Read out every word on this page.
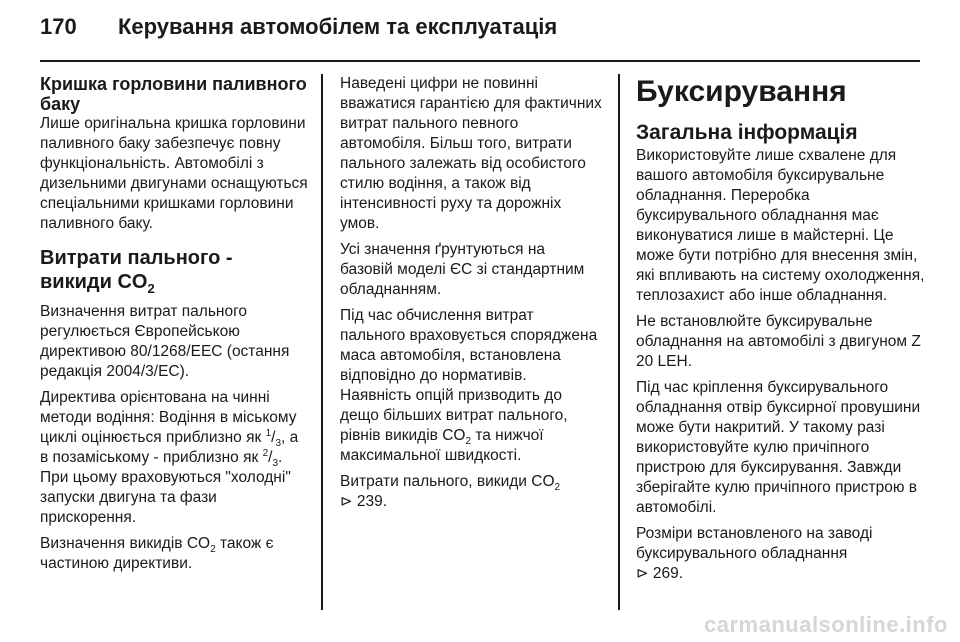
170 Керування автомобілем та експлуатація
Кришка горловини паливного
баку

Лише оригінальна кришка горловини паливного баку забезпечує повну функціональність. Автомобілі з дизельними двигунами оснащуються спеціальними кришками горловини паливного баку.

Витрати пального - викиди $CO_2$

Визначення витрат пального регулюється Європейською директивою 80/1268/EEC (остання редакція 2004/3/EC).

Директива орієнтована на чинні методи водіння: Водіння в міському циклі оцінюється приблизно як $^1/_3$, а в позаміському - приблизно як $^2/_3$. При цьому враховуються "холодні" запуски двигуна та фази прискорення.

Визначення викидів $CO_2$ також є частиною директиви.

Наведені цифри не повинні вважатися гарантією для фактичних витрат пального певного автомобіля. Більш того, витрати пального залежать від особистого стилю водіння, а також від інтенсивності руху та дорожніх умов.

Усі значення ґрунтуються на базовій моделі ЄС зі стандартним обладнанням.

Під час обчислення витрат пального враховується споряджена маса автомобіля, встановлена відповідно до нормативів. Наявність опцій призводить до дещо більших витрат пального, рівнів викидів $CO_2$ та нижчої максимальної швидкості.

Витрати пального, викиди $CO_2$
⊳ 239.

Буксирування
Загальна інформація

Використовуйте лише схвалене для вашого автомобіля буксирувальне обладнання. Переробка буксирувального обладнання має виконуватися лише в майстерні. Це може бути потрібно для внесення змін, які впливають на систему охолодження, теплозахист або інше обладнання.

Не встановлюйте буксирувальне обладнання на автомобілі з двигуном Z 20 LEH.

Під час кріплення буксирувального обладнання отвір буксирної провушини може бути накритий. У такому разі використовуйте кулю причіпного пристрою для буксирування. Завжди зберігайте кулю причіпного пристрою в автомобілі.

Розміри встановленого на заводі буксирувального обладнання
⊳ 269.

carmanualsonline.info
